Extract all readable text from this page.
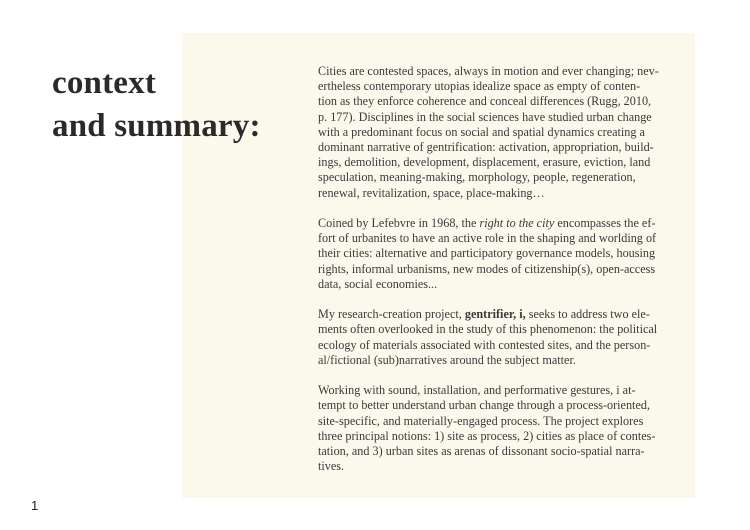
context
and summary:

Cities are contested spaces, always in motion and ever changing; nev-
ertheless contemporary utopias idealize space as empty of conten-
tion as they enforce coherence and conceal differences (Rugg, 2010,
p. 177). Disciplines in the social sciences have studied urban change
with a predominant focus on social and spatial dynamics creating a
dominant narrative of gentrification: activation, appropriation, build-
ings, demolition, development, displacement, erasure, eviction, land
speculation, meaning-making, morphology, people, regeneration,
renewal, revitalization, space, place-making…

Coined by Lefebvre in 1968, the right to the city encompasses the ef-
fort of urbanites to have an active role in the shaping and worlding of
their cities: alternative and participatory governance models, housing
rights, informal urbanisms, new modes of citizenship(s), open-access
data, social economies...

My research-creation project, gentrifier, i, seeks to address two ele-
ments often overlooked in the study of this phenomenon: the political
ecology of materials associated with contested sites, and the person-
al/fictional (sub)narratives around the subject matter.

Working with sound, installation, and performative gestures, i at-
tempt to better understand urban change through a process-oriented,
site-specific, and materially-engaged process. The project explores
three principal notions: 1) site as process, 2) cities as place of contes-
tation, and 3) urban sites as arenas of dissonant socio-spatial narra-
tives.

1
